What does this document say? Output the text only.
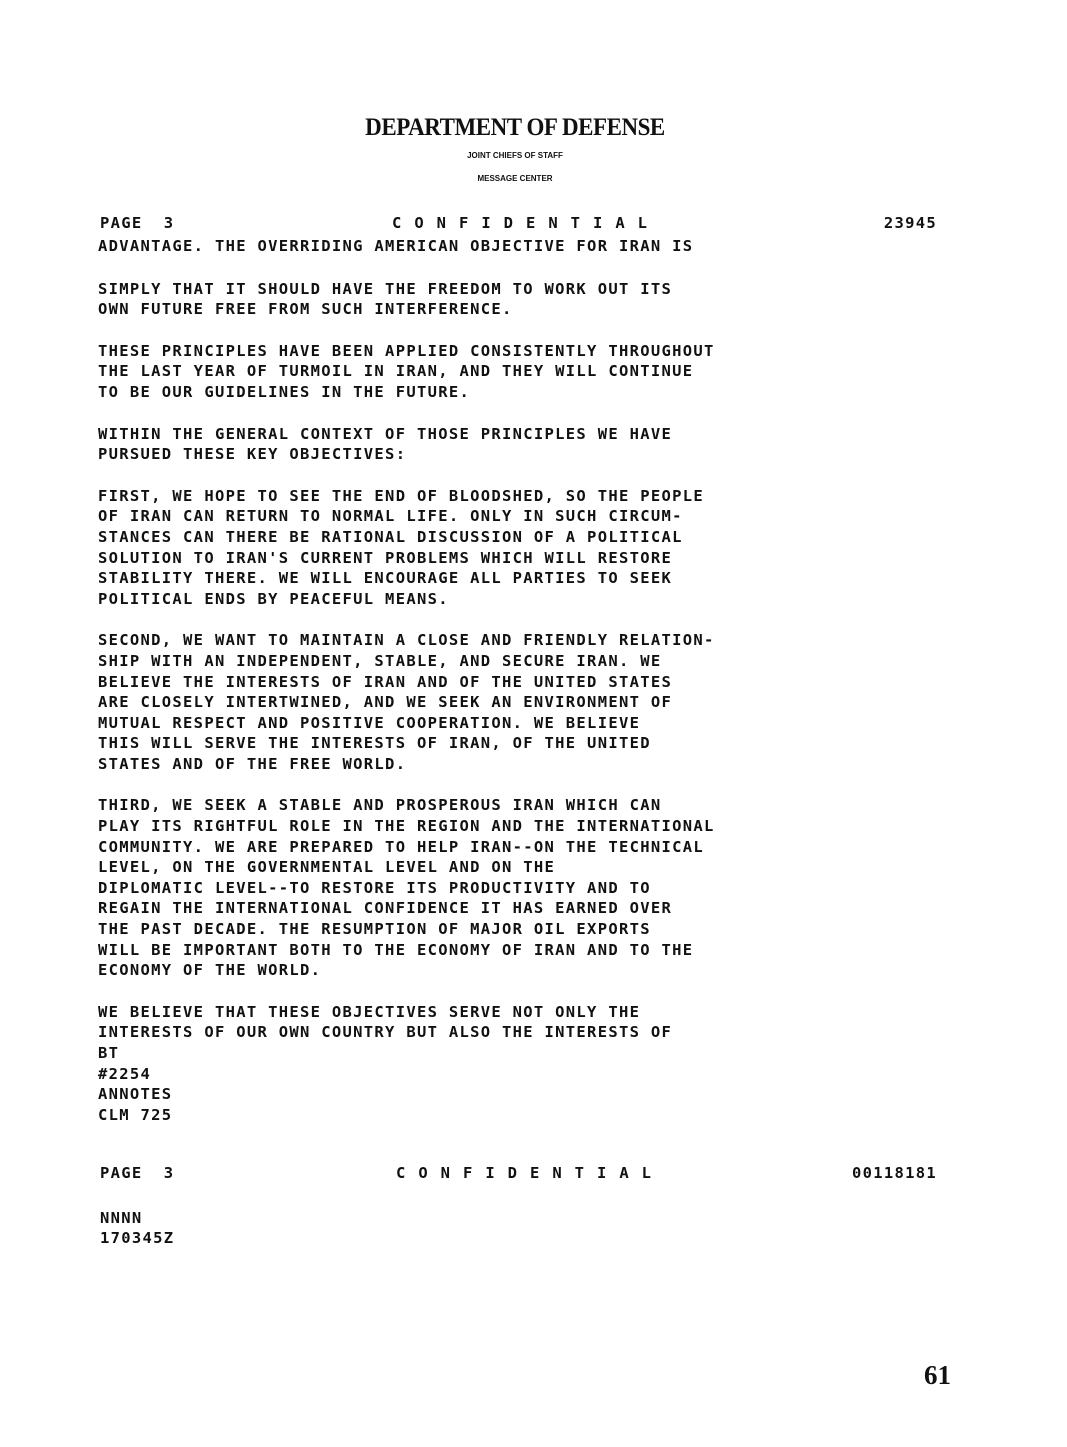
DEPARTMENT OF DEFENSE
JOINT CHIEFS OF STAFF
MESSAGE CENTER
PAGE  3	CONFIDENTIAL	23945

ADVANTAGE. THE OVERRIDING AMERICAN OBJECTIVE FOR IRAN IS

SIMPLY THAT IT SHOULD HAVE THE FREEDOM TO WORK OUT ITS
OWN FUTURE FREE FROM SUCH INTERFERENCE.

THESE PRINCIPLES HAVE BEEN APPLIED CONSISTENTLY THROUGHOUT
THE LAST YEAR OF TURMOIL IN IRAN, AND THEY WILL CONTINUE
TO BE OUR GUIDELINES IN THE FUTURE.

WITHIN THE GENERAL CONTEXT OF THOSE PRINCIPLES WE HAVE
PURSUED THESE KEY OBJECTIVES:

FIRST, WE HOPE TO SEE THE END OF BLOODSHED, SO THE PEOPLE
OF IRAN CAN RETURN TO NORMAL LIFE. ONLY IN SUCH CIRCUM-
STANCES CAN THERE BE RATIONAL DISCUSSION OF A POLITICAL
SOLUTION TO IRAN'S CURRENT PROBLEMS WHICH WILL RESTORE
STABILITY THERE. WE WILL ENCOURAGE ALL PARTIES TO SEEK
POLITICAL ENDS BY PEACEFUL MEANS.

SECOND, WE WANT TO MAINTAIN A CLOSE AND FRIENDLY RELATION-
SHIP WITH AN INDEPENDENT, STABLE, AND SECURE IRAN. WE
BELIEVE THE INTERESTS OF IRAN AND OF THE UNITED STATES
ARE CLOSELY INTERTWINED, AND WE SEEK AN ENVIRONMENT OF
MUTUAL RESPECT AND POSITIVE COOPERATION. WE BELIEVE
THIS WILL SERVE THE INTERESTS OF IRAN, OF THE UNITED
STATES AND OF THE FREE WORLD.

THIRD, WE SEEK A STABLE AND PROSPEROUS IRAN WHICH CAN
PLAY ITS RIGHTFUL ROLE IN THE REGION AND THE INTERNATIONAL
COMMUNITY. WE ARE PREPARED TO HELP IRAN--ON THE TECHNICAL
LEVEL, ON THE GOVERNMENTAL LEVEL AND ON THE
DIPLOMATIC LEVEL--TO RESTORE ITS PRODUCTIVITY AND TO
REGAIN THE INTERNATIONAL CONFIDENCE IT HAS EARNED OVER
THE PAST DECADE. THE RESUMPTION OF MAJOR OIL EXPORTS
WILL BE IMPORTANT BOTH TO THE ECONOMY OF IRAN AND TO THE
ECONOMY OF THE WORLD.

WE BELIEVE THAT THESE OBJECTIVES SERVE NOT ONLY THE
INTERESTS OF OUR OWN COUNTRY BUT ALSO THE INTERESTS OF
BT
#2254
ANNOTES
CLM 725

PAGE  3	CONFIDENTIAL	00118181
NNNN
170345Z
61
